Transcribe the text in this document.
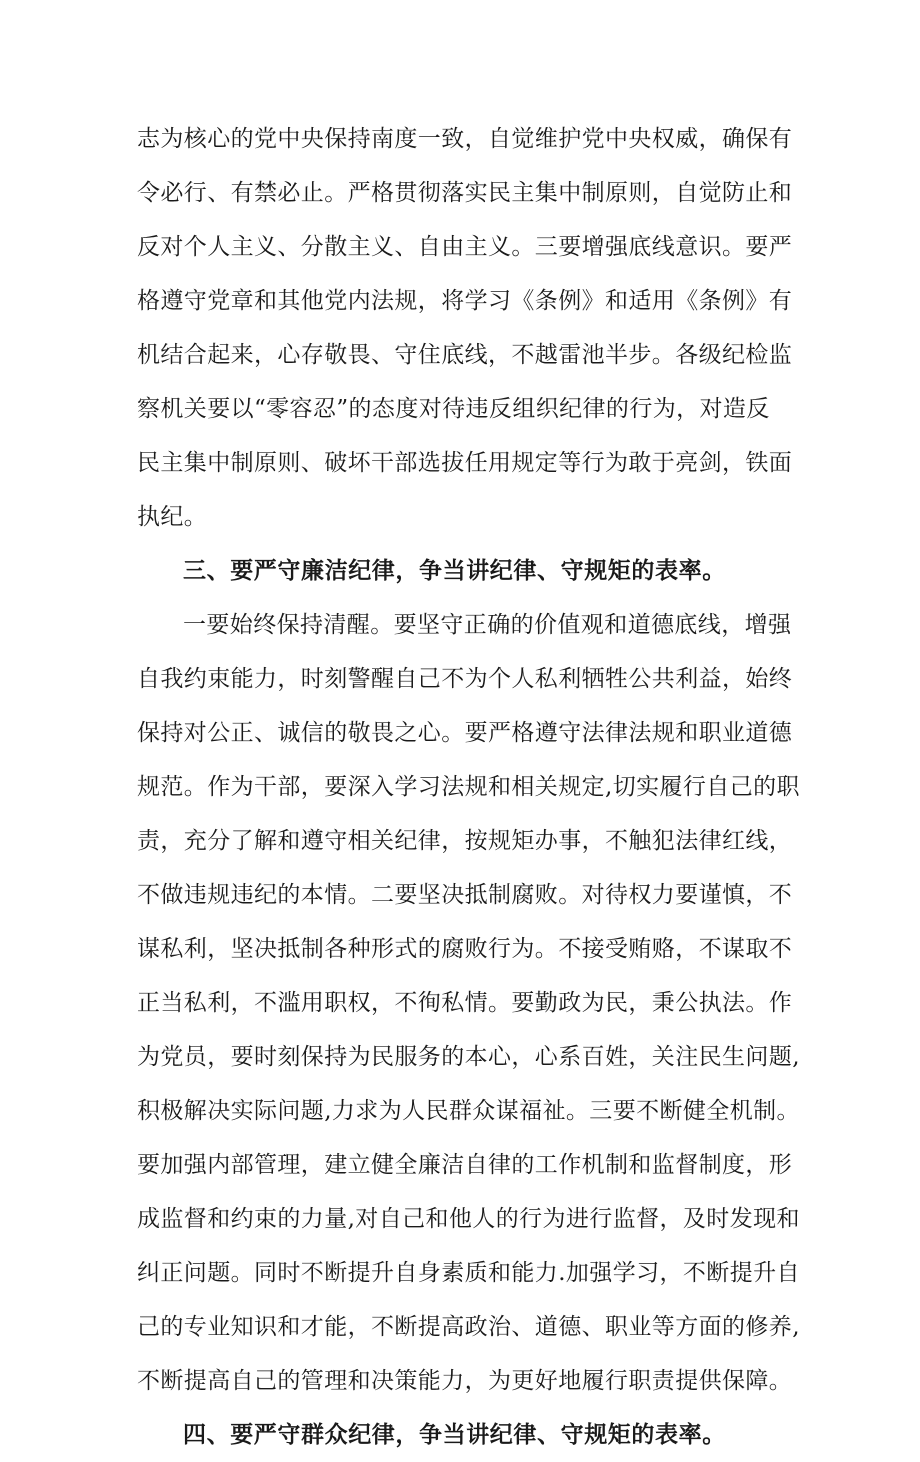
志为核心的党中央保持南度一致，自觉维护党中央权威，确保有
令必行、有禁必止。严格贯彻落实民主集中制原则，自觉防止和
反对个人主义、分散主义、自由主义。三要增强底线意识。要严
格遵守党章和其他党内法规，将学习《条例》和适用《条例》有
机结合起来，心存敬畏、守住底线，不越雷池半步。各级纪检监
察机关要以“零容忍”的态度对待违反组织纪律的行为，对造反
民主集中制原则、破坏干部选拔任用规定等行为敢于亮剑，铁面
执纪。
三、要严守廉洁纪律，争当讲纪律、守规矩的表率。
一要始终保持清醒。要坚守正确的价值观和道德底线，增强
自我约束能力，时刻警醒自己不为个人私利牺牲公共利益，始终
保持对公正、诚信的敬畏之心。要严格遵守法律法规和职业道德
规范。作为干部，要深入学习法规和相关规定,切实履行自己的职
责，充分了解和遵守相关纪律，按规矩办事，不触犯法律红线，
不做违规违纪的本情。二要坚决抵制腐败。对待权力要谨慎，不
谋私利，坚决抵制各种形式的腐败行为。不接受贿赂，不谋取不
正当私利，不滥用职权，不徇私情。要勤政为民，秉公执法。作
为党员，要时刻保持为民服务的本心，心系百姓，关注民生问题,
积极解决实际问题,力求为人民群众谋福祉。三要不断健全机制。
要加强内部管理，建立健全廉洁自律的工作机制和监督制度，形
成监督和约束的力量,对自己和他人的行为进行监督，及时发现和
纠正问题。同时不断提升自身素质和能力.加强学习，不断提升自
己的专业知识和才能，不断提高政治、道德、职业等方面的修养,
不断提高自己的管理和决策能力，为更好地履行职责提供保障。
四、要严守群众纪律，争当讲纪律、守规矩的表率。
